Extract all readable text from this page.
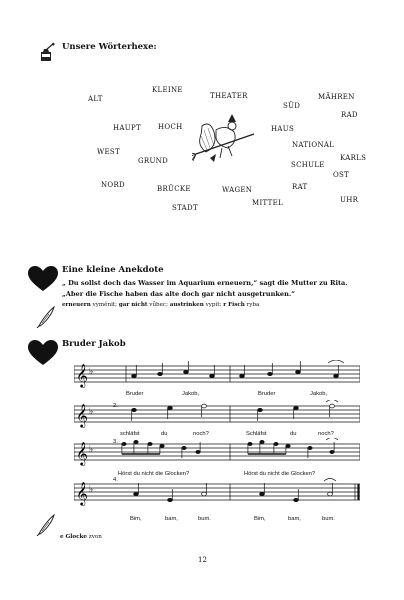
Unsere Wörterhexe:
ALT
KLEINE
THEATER
SÜD
MÄHREN
RAD
HAUPT HOCH	HAUS
NATIONAL
WEST
GRUND	SCHULE
KARLS
OST
NORD	BRÜCKE	WAGEN	RAT
MITTEL	UHR
STADT
Eine kleine Anekdote
„ Du sollst doch das Wasser im Aquarium erneuern,“ sagt die Mutter zu Rita.
„Aber die Fische haben das alte doch gar nicht ausgetrunken.“
erneuern vyměnit; gar nicht vůbec; austrinken vypít; r Fisch ryba
Bruder Jakob
𝄞 ♭
Bruder	Jakob,	Bruder	Jakob,
2.
𝄞 ♭
schläfst	du	noch?	Schläfst	du	noch?
3.
𝄞 ♭
Hörst du nicht die Glocken?	Hörst du nicht die Glocken?
4.
𝄞 ♭
Bim,	bam,	bum.	Bim,	bam,	bum.
e Glocke zvon
12
